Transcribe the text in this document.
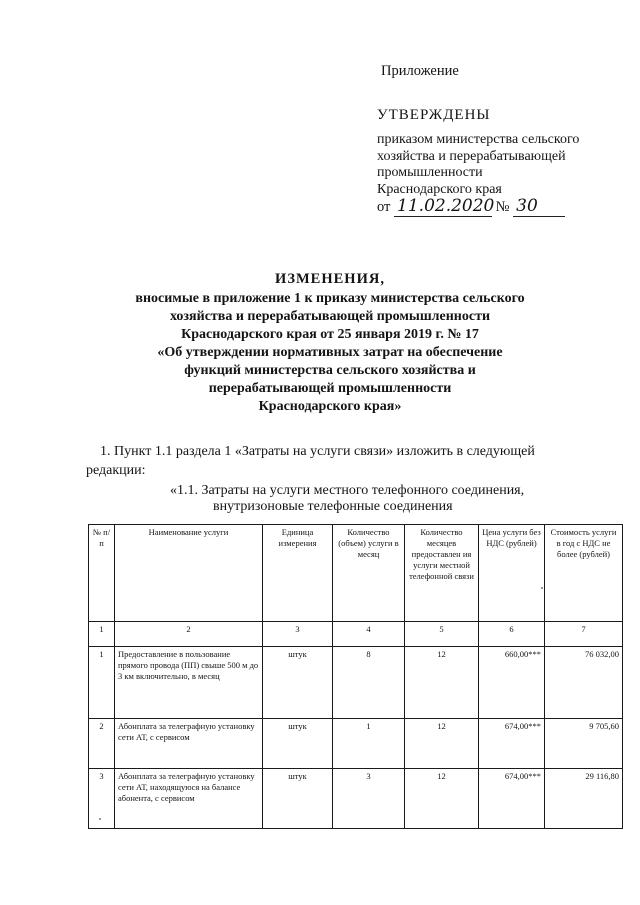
Приложение
УТВЕРЖДЕНЫ
приказом министерства сельского
хозяйства и перерабатывающей
промышленности
Краснодарского края
от 11.02.2020 № 30
ИЗМЕНЕНИЯ,
вносимые в приложение 1 к приказу министерства сельского
хозяйства и перерабатывающей промышленности
Краснодарского края от 25 января 2019 г. № 17
«Об утверждении нормативных затрат на обеспечение
функций министерства сельского хозяйства и
перерабатывающей промышленности
Краснодарского края»
1. Пункт 1.1 раздела 1 «Затраты на услуги связи» изложить в следующей
редакции:
«1.1. Затраты на услуги местного телефонного соединения,
внутризоновые телефонные соединения
№ п/п	Наименование услуги	Единица измерения	Количество (объем) услуги в месяц	Количество месяцев предоставлен ия услуги местной телефонной связи	Цена услуги без НДС (рублей)	Стоимость услуги в год с НДС не более (рублей)
1	2	3	4	5	6	7
1	Предоставление в пользование прямого провода (ПП) свыше 500 м до 3 км включительно, в месяц	штук	8	12	660,00***	76 032,00
2	Абонплата за телеграфную установку сети АТ, с сервисом	штук	1	12	674,00***	9 705,60
3	Абонплата за телеграфную установку сети АТ, находящуюся на балансе абонента, с сервисом	штук	3	12	674,00***	29 116,80
